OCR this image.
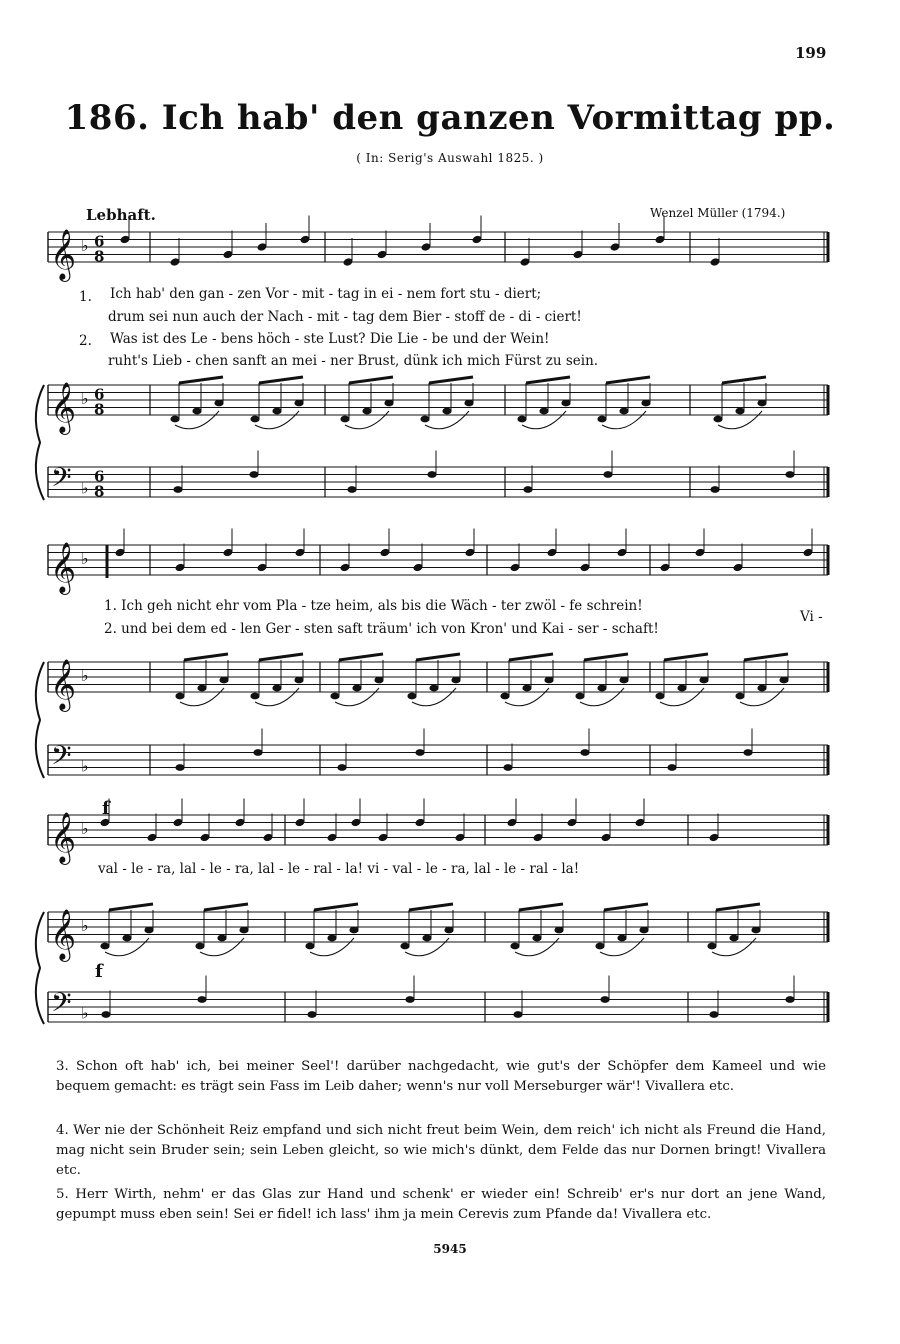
199
186. Ich hab' den ganzen Vormittag pp.
( In: Serig's Auswahl 1825. )
Lebhaft.	Wenzel Müller (1794.)
𝄞 ♭ 6
8
𝄞 ♭ 6
8
𝄢 ♭
6
8
𝄞 ♭
𝄞 ♭
𝄢 ♭
𝄞 ♭
f
𝄞 ♭
𝄢 ♭
f
1. Ich hab' den gan - zen Vor - mit - tag in ei - nem fort stu - diert;
drum sei nun auch der Nach - mit - tag dem Bier - stoff de - di - ciert!
2. Was ist des Le - bens höch - ste Lust? Die Lie - be und der Wein!
ruht's Lieb - chen sanft an mei - ner Brust, dünk ich mich Fürst zu sein.
1. Ich geh nicht ehr vom Pla - tze heim, als bis die Wäch - ter zwöl - fe schrein!
2. und bei dem ed - len Ger - sten saft träum' ich von Kron' und Kai - ser - schaft!
Vi -
val - le - ra, lal - le - ra, lal - le - ral - la! vi - val - le - ra, lal - le - ral - la!
3. Schon oft hab' ich, bei meiner Seel'! darüber nachgedacht, wie gut's der Schöpfer dem Kameel und wie bequem gemacht: es trägt sein Fass im Leib daher; wenn's nur voll Merseburger wär'! Vivallera etc.
4. Wer nie der Schönheit Reiz empfand und sich nicht freut beim Wein, dem reich' ich nicht als Freund die Hand, mag nicht sein Bruder sein; sein Leben gleicht, so wie mich's dünkt, dem Felde das nur Dornen bringt! Vivallera etc.
5. Herr Wirth, nehm' er das Glas zur Hand und schenk' er wieder ein! Schreib' er's nur dort an jene Wand, gepumpt muss eben sein! Sei er fidel! ich lass' ihm ja mein Cerevis zum Pfande da! Vivallera etc.
5945
